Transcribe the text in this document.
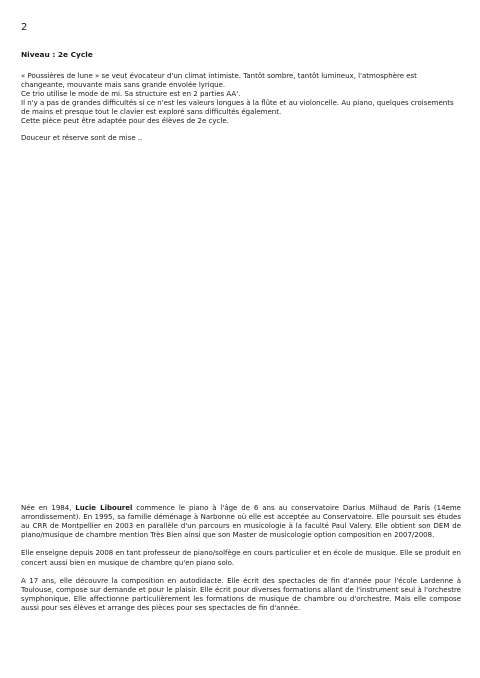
2
Niveau : 2e Cycle

« Poussières de lune » se veut évocateur d'un climat intimiste. Tantôt sombre, tantôt lumineux, l'atmosphère est changeante, mouvante mais sans grande envolée lyrique.

Ce trio utilise le mode de mi. Sa structure est en 2 parties AA'.

Il n'y a pas de grandes difficultés si ce n'est les valeurs longues à la flûte et au violoncelle. Au piano, quelques croisements de mains et presque tout le clavier est exploré sans difficultés également.

Cette pièce peut être adaptée pour des élèves de 2e cycle.

Douceur et réserve sont de mise ..

Née en 1984, Lucie Libourel commence le piano à l'âge de 6 ans au conservatoire Darius Milhaud de Paris (14eme arrondissement). En 1995, sa famille déménage à Narbonne où elle est acceptée au Conservatoire. Elle poursuit ses études au CRR de Montpellier en 2003 en parallèle d'un parcours en musicologie à la faculté Paul Valery. Elle obtient son DEM de piano/musique de chambre mention Très Bien ainsi que son Master de musicologie option composition en 2007/2008.

Elle enseigne depuis 2008 en tant professeur de piano/solfège en cours particulier et en école de musique. Elle se produit en concert aussi bien en musique de chambre qu'en piano solo.

A 17 ans, elle découvre la composition en autodidacte. Elle écrit des spectacles de fin d'année pour l'école Lardenne à Toulouse, compose sur demande et pour le plaisir. Elle écrit pour diverses formations allant de l'instrument seul à l'orchestre symphonique. Elle affectionne particulièrement les formations de musique de chambre ou d'orchestre. Mais elle compose aussi pour ses élèves et arrange des pièces pour ses spectacles de fin d'année.
